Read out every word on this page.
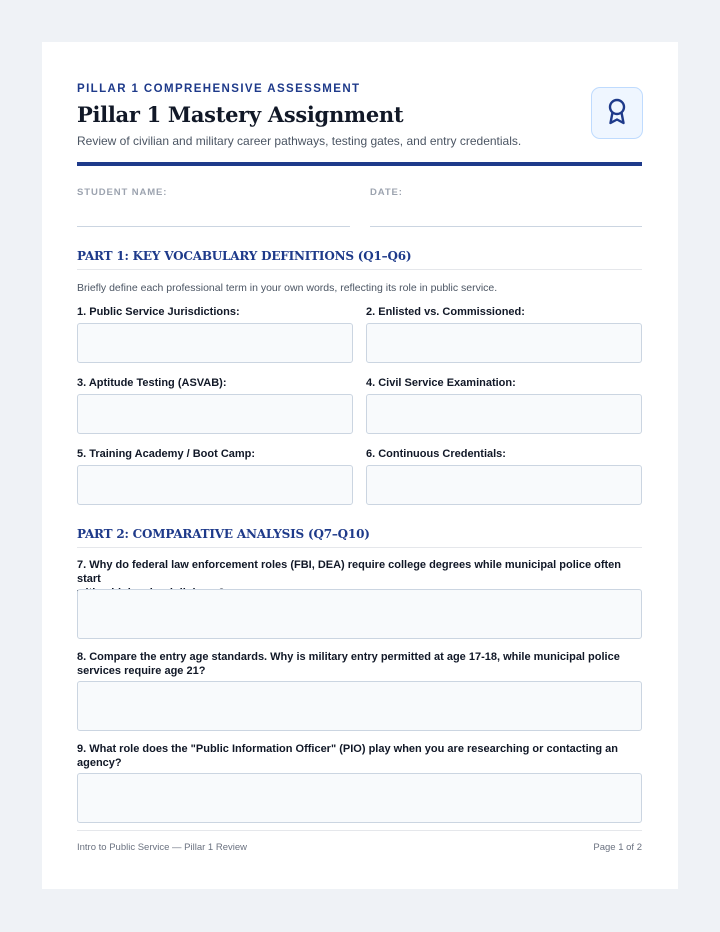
PILLAR 1 COMPREHENSIVE ASSESSMENT
Pillar 1 Mastery Assignment
Review of civilian and military career pathways, testing gates, and entry credentials.
STUDENT NAME:	DATE:
PART 1: KEY VOCABULARY DEFINITIONS (Q1–Q6)
Briefly define each professional term in your own words, reflecting its role in public service.
1. Public Service Jurisdictions:	2. Enlisted vs. Commissioned:
3. Aptitude Testing (ASVAB):	4. Civil Service Examination:
5. Training Academy / Boot Camp:	6. Continuous Credentials:
PART 2: COMPARATIVE ANALYSIS (Q7–Q10)
7. Why do federal law enforcement roles (FBI, DEA) require college degrees while municipal police often start
8. Compare the entry age standards. Why is military entry permitted at age 17-18, while municipal police
services require age 21?
9. What role does the "Public Information Officer" (PIO) play when you are researching or contacting an
agency?
Intro to Public Service — Pillar 1 Review	Page 1 of 2
